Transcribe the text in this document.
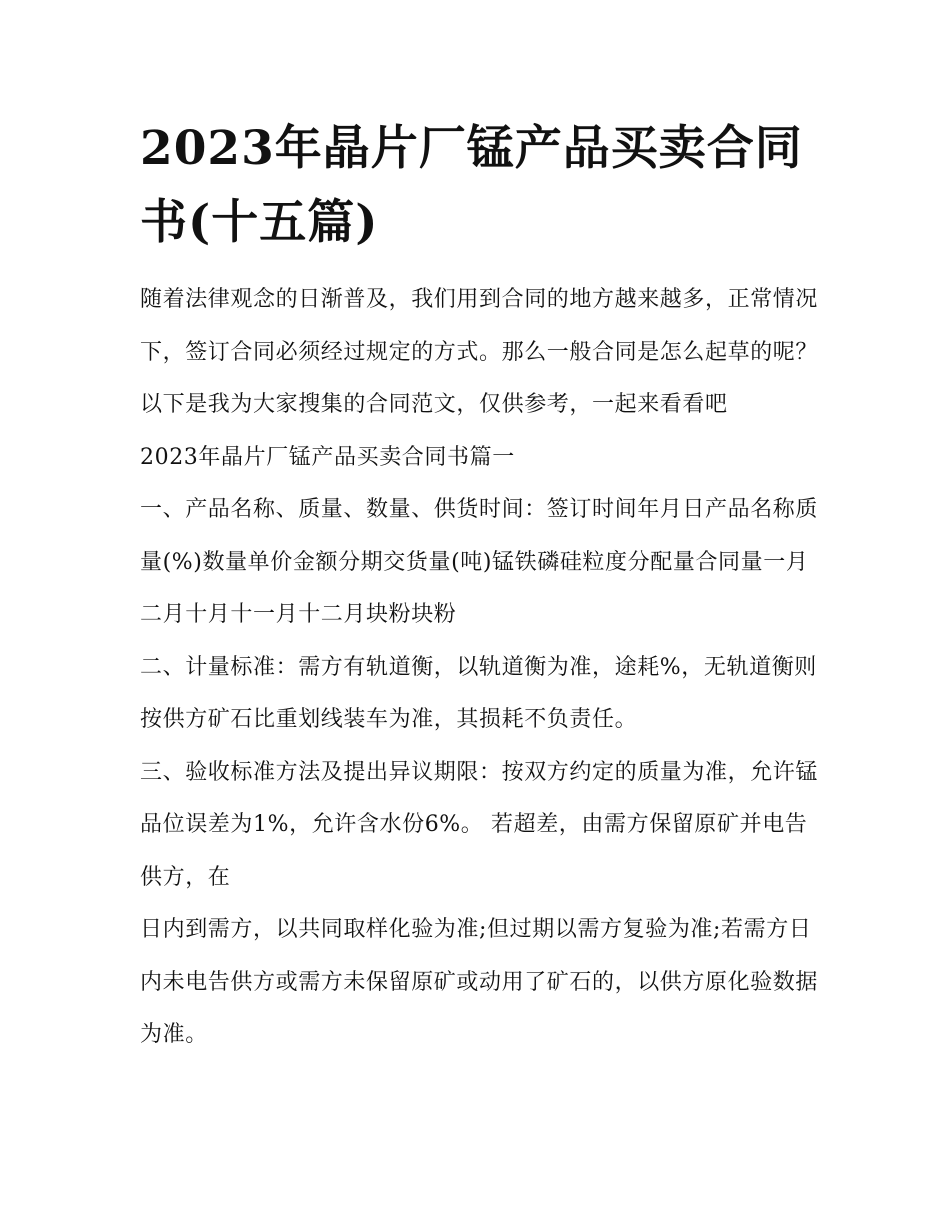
2023年晶片厂锰产品买卖合同书(十五篇)

随着法律观念的日渐普及，我们用到合同的地方越来越多，正常情况下，签订合同必须经过规定的方式。那么一般合同是怎么起草的呢？以下是我为大家搜集的合同范文，仅供参考，一起来看看吧

2023年晶片厂锰产品买卖合同书篇一

一、产品名称、质量、数量、供货时间：签订时间年月日产品名称质量(%)数量单价金额分期交货量(吨)锰铁磷硅粒度分配量合同量一月二月十月十一月十二月块粉块粉

二、计量标准：需方有轨道衡，以轨道衡为准，途耗%，无轨道衡则按供方矿石比重划线装车为准，其损耗不负责任。

三、验收标准方法及提出异议期限：按双方约定的质量为准，允许锰品位误差为1%，允许含水份6%。 若超差，由需方保留原矿并电告供方，在

日内到需方，以共同取样化验为准;但过期以需方复验为准;若需方日内未电告供方或需方未保留原矿或动用了矿石的，以供方原化验数据为准。
